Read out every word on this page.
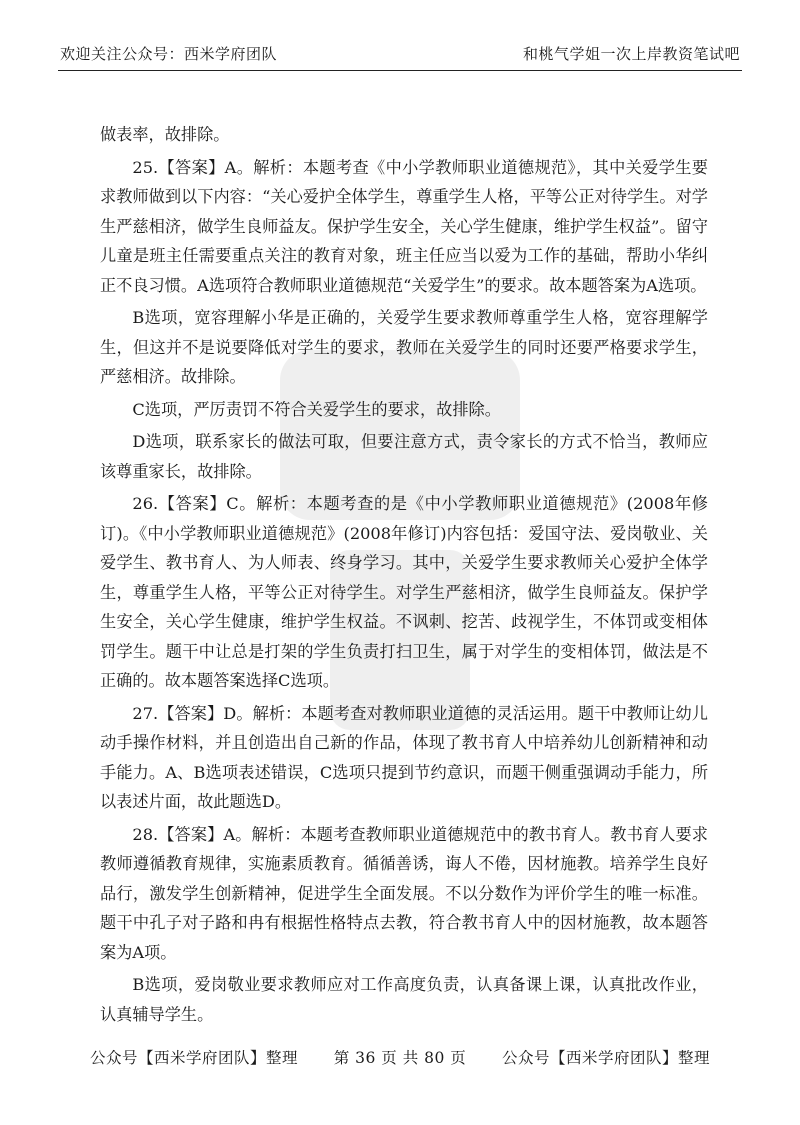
欢迎关注公众号：西米学府团队	和桃气学姐一次上岸教资笔试吧

做表率，故排除。

25.【答案】A。解析：本题考查《中小学教师职业道德规范》，其中关爱学生要求教师做到以下内容：“关心爱护全体学生，尊重学生人格，平等公正对待学生。对学生严慈相济，做学生良师益友。保护学生安全，关心学生健康，维护学生权益”。留守儿童是班主任需要重点关注的教育对象，班主任应当以爱为工作的基础，帮助小华纠正不良习惯。A选项符合教师职业道德规范“关爱学生”的要求。故本题答案为A选项。

B选项，宽容理解小华是正确的，关爱学生要求教师尊重学生人格，宽容理解学生，但这并不是说要降低对学生的要求，教师在关爱学生的同时还要严格要求学生，严慈相济。故排除。

C选项，严厉责罚不符合关爱学生的要求，故排除。

D选项，联系家长的做法可取，但要注意方式，责令家长的方式不恰当，教师应该尊重家长，故排除。

26.【答案】C。解析：本题考查的是《中小学教师职业道德规范》(2008年修订)。《中小学教师职业道德规范》(2008年修订)内容包括：爱国守法、爱岗敬业、关爱学生、教书育人、为人师表、终身学习。其中，关爱学生要求教师关心爱护全体学生，尊重学生人格，平等公正对待学生。对学生严慈相济，做学生良师益友。保护学生安全，关心学生健康，维护学生权益。不讽刺、挖苦、歧视学生，不体罚或变相体罚学生。题干中让总是打架的学生负责打扫卫生，属于对学生的变相体罚，做法是不正确的。故本题答案选择C选项。

27.【答案】D。解析：本题考查对教师职业道德的灵活运用。题干中教师让幼儿动手操作材料，并且创造出自己新的作品，体现了教书育人中培养幼儿创新精神和动手能力。A、B选项表述错误，C选项只提到节约意识，而题干侧重强调动手能力，所以表述片面，故此题选D。

28.【答案】A。解析：本题考查教师职业道德规范中的教书育人。教书育人要求教师遵循教育规律，实施素质教育。循循善诱，诲人不倦，因材施教。培养学生良好品行，激发学生创新精神，促进学生全面发展。不以分数作为评价学生的唯一标准。题干中孔子对子路和冉有根据性格特点去教，符合教书育人中的因材施教，故本题答案为A项。

B选项，爱岗敬业要求教师应对工作高度负责，认真备课上课，认真批改作业，认真辅导学生。

公众号【西米学府团队】整理 第 36 页 共 80 页 公众号【西米学府团队】整理
